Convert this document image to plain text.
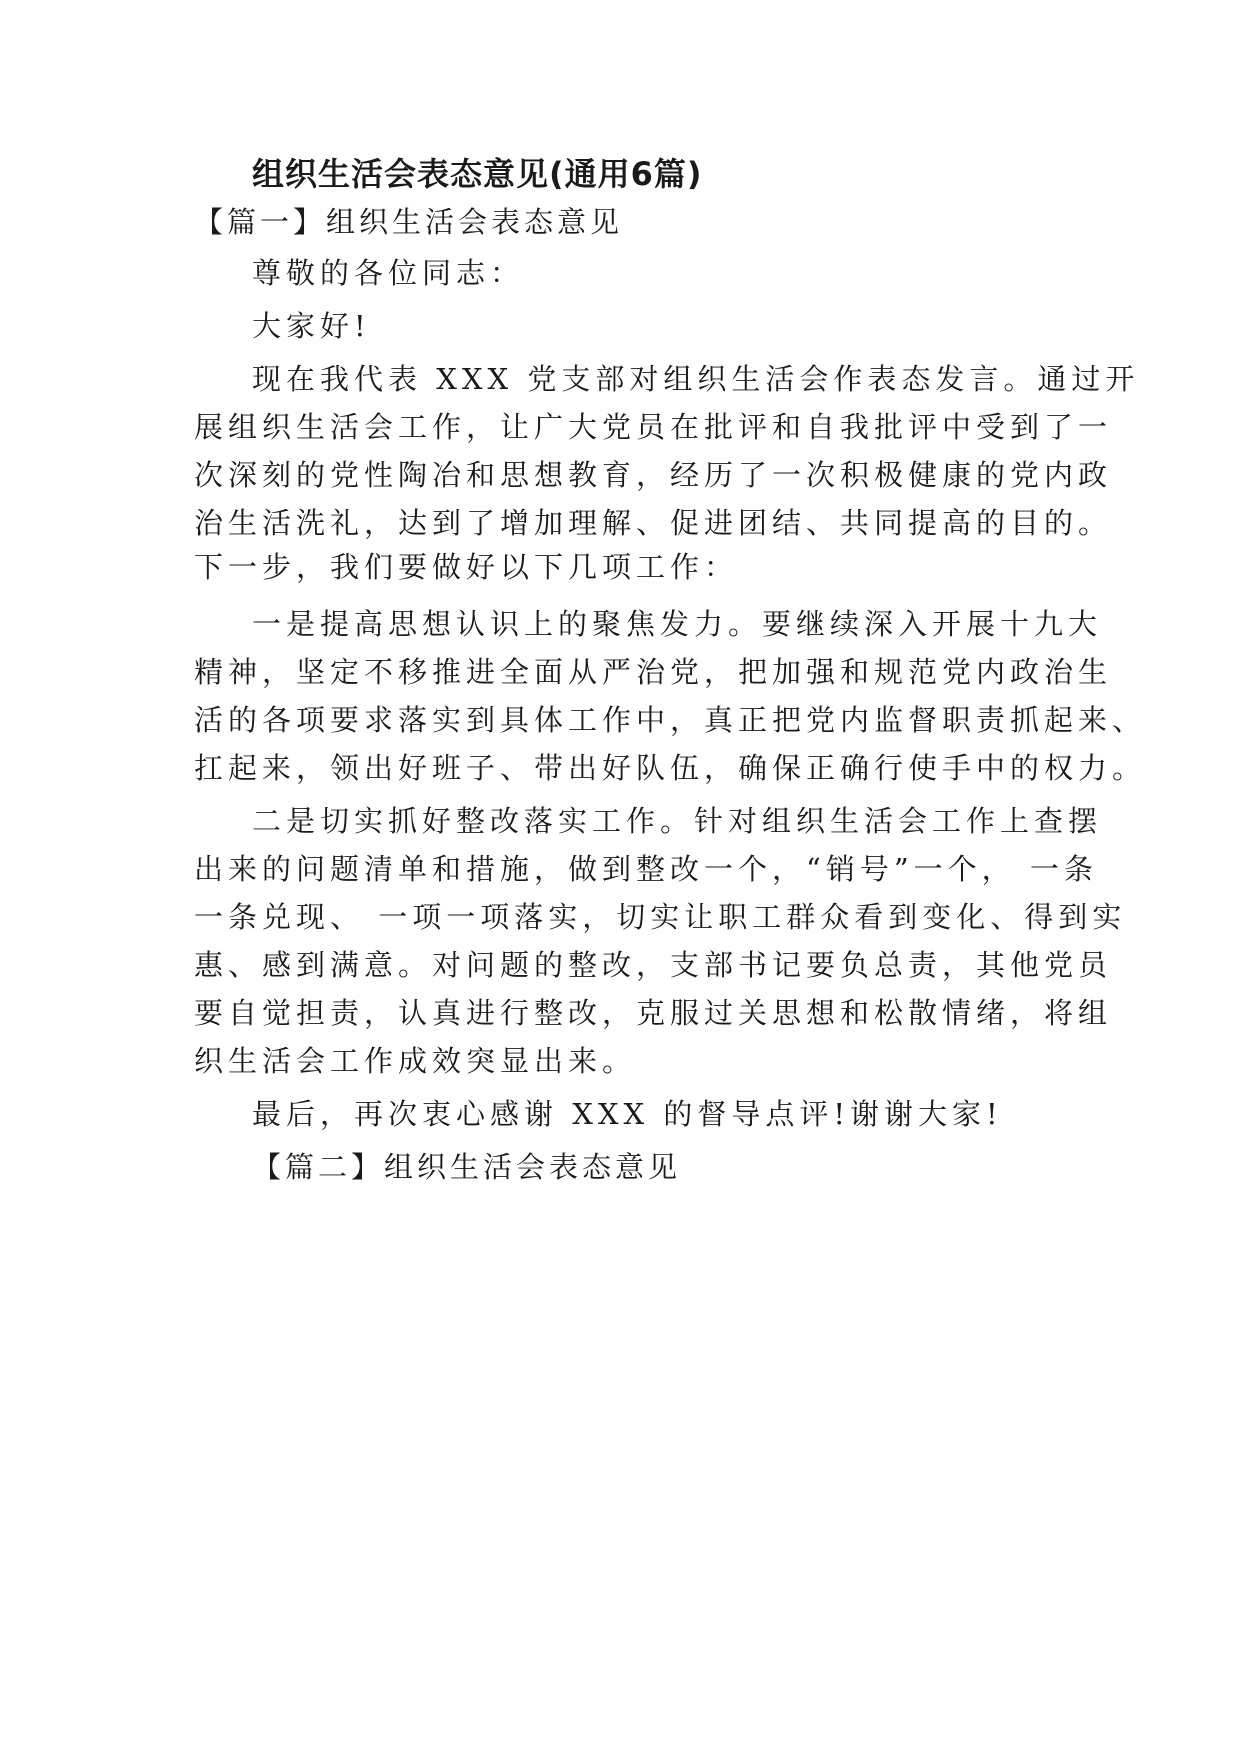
组织生活会表态意见(通用6篇)

【篇一】组织生活会表态意见

尊敬的各位同志：

大家好!

现在我代表 XXX 党支部对组织生活会作表态发言。通过开

展组织生活会工作，让广大党员在批评和自我批评中受到了一

次深刻的党性陶冶和思想教育，经历了一次积极健康的党内政

治生活洗礼，达到了增加理解、促进团结、共同提高的目的。

下一步，我们要做好以下几项工作：

一是提高思想认识上的聚焦发力。要继续深入开展十九大

精神，坚定不移推进全面从严治党，把加强和规范党内政治生

活的各项要求落实到具体工作中，真正把党内监督职责抓起来、

扛起来，领出好班子、带出好队伍，确保正确行使手中的权力。

二是切实抓好整改落实工作。针对组织生活会工作上查摆

出来的问题清单和措施，做到整改一个，“销号”一个， 一条

一条兑现、 一项一项落实，切实让职工群众看到变化、得到实

惠、感到满意。对问题的整改，支部书记要负总责，其他党员

要自觉担责，认真进行整改，克服过关思想和松散情绪，将组

织生活会工作成效突显出来。

最后，再次衷心感谢 XXX 的督导点评!谢谢大家!

【篇二】组织生活会表态意见
